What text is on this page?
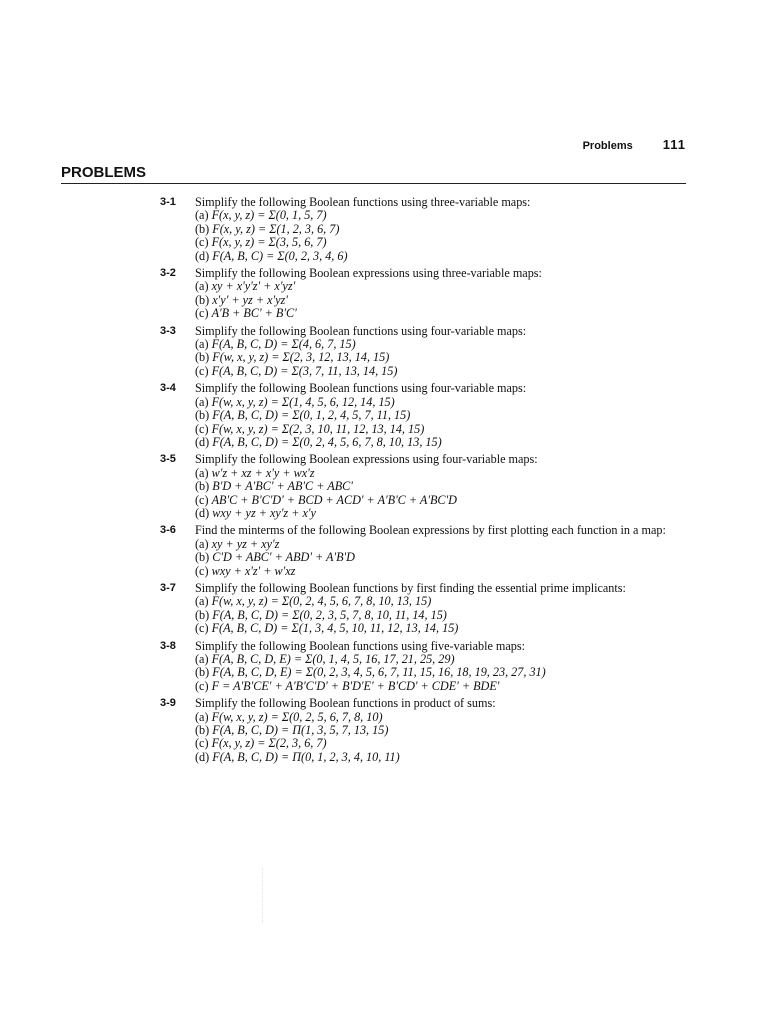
Problems 111
PROBLEMS
3-1	Simplify the following Boolean functions using three-variable maps:
(a) F(x, y, z) = Σ(0, 1, 5, 7)
(b) F(x, y, z) = Σ(1, 2, 3, 6, 7)
(c) F(x, y, z) = Σ(3, 5, 6, 7)
(d) F(A, B, C) = Σ(0, 2, 3, 4, 6)
3-2	Simplify the following Boolean expressions using three-variable maps:
(a) xy + x'y'z' + x'yz'
(b) x'y' + yz + x'yz'
(c) A'B + BC' + B'C'
3-3	Simplify the following Boolean functions using four-variable maps:
(a) F(A, B, C, D) = Σ(4, 6, 7, 15)
(b) F(w, x, y, z) = Σ(2, 3, 12, 13, 14, 15)
(c) F(A, B, C, D) = Σ(3, 7, 11, 13, 14, 15)
3-4	Simplify the following Boolean functions using four-variable maps:
(a) F(w, x, y, z) = Σ(1, 4, 5, 6, 12, 14, 15)
(b) F(A, B, C, D) = Σ(0, 1, 2, 4, 5, 7, 11, 15)
(c) F(w, x, y, z) = Σ(2, 3, 10, 11, 12, 13, 14, 15)
(d) F(A, B, C, D) = Σ(0, 2, 4, 5, 6, 7, 8, 10, 13, 15)
3-5	Simplify the following Boolean expressions using four-variable maps:
(a) w'z + xz + x'y + wx'z
(b) B'D + A'BC' + AB'C + ABC'
(c) AB'C + B'C'D' + BCD + ACD' + A'B'C + A'BC'D
(d) wxy + yz + xy'z + x'y
3-6	Find the minterms of the following Boolean expressions by first plotting each function in a map:
(a) xy + yz + xy'z
(b) C'D + ABC' + ABD' + A'B'D
(c) wxy + x'z' + w'xz
3-7	Simplify the following Boolean functions by first finding the essential prime implicants:
(a) F(w, x, y, z) = Σ(0, 2, 4, 5, 6, 7, 8, 10, 13, 15)
(b) F(A, B, C, D) = Σ(0, 2, 3, 5, 7, 8, 10, 11, 14, 15)
(c) F(A, B, C, D) = Σ(1, 3, 4, 5, 10, 11, 12, 13, 14, 15)
3-8	Simplify the following Boolean functions using five-variable maps:
(a) F(A, B, C, D, E) = Σ(0, 1, 4, 5, 16, 17, 21, 25, 29)
(b) F(A, B, C, D, E) = Σ(0, 2, 3, 4, 5, 6, 7, 11, 15, 16, 18, 19, 23, 27, 31)
(c) F = A'B'CE' + A'B'C'D' + B'D'E' + B'CD' + CDE' + BDE'
3-9	Simplify the following Boolean functions in product of sums:
(a) F(w, x, y, z) = Σ(0, 2, 5, 6, 7, 8, 10)
(b) F(A, B, C, D) = Π(1, 3, 5, 7, 13, 15)
(c) F(x, y, z) = Σ(2, 3, 6, 7)
(d) F(A, B, C, D) = Π(0, 1, 2, 3, 4, 10, 11)
